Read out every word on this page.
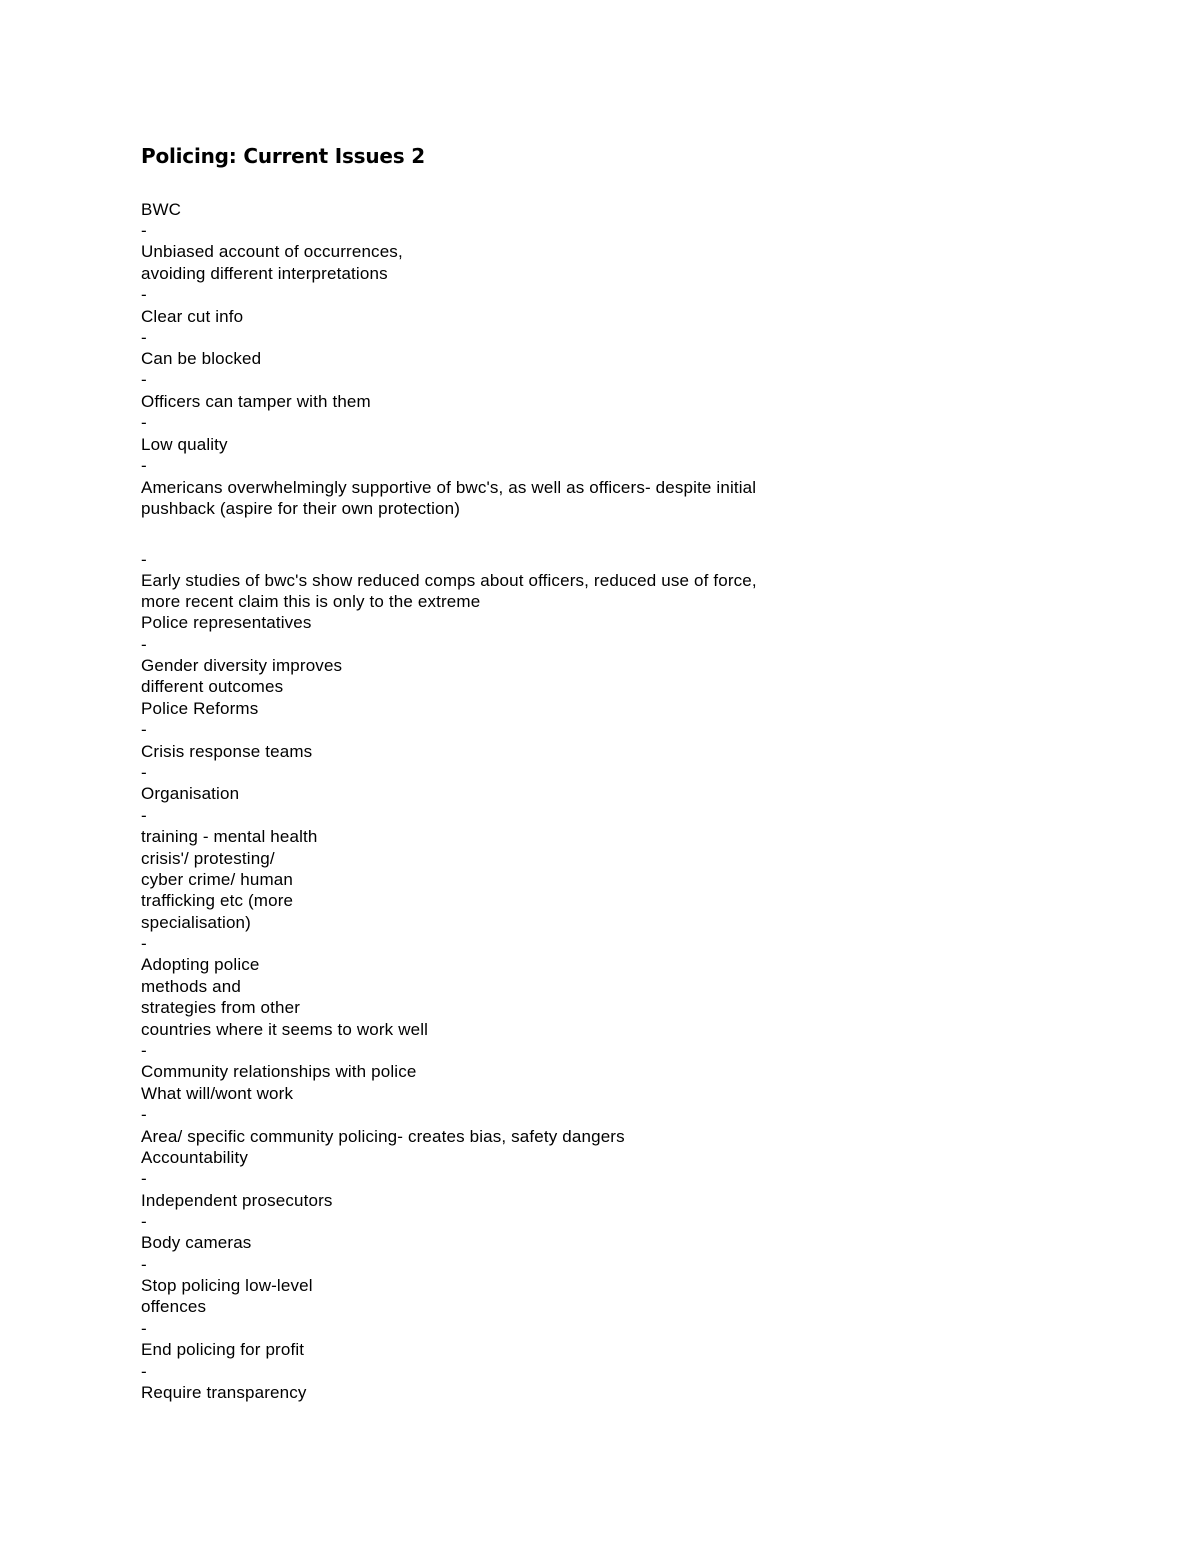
Policing: Current Issues 2
BWC
-
Unbiased account of occurrences,
avoiding different interpretations
-
Clear cut info
-
Can be blocked
-
Officers can tamper with them
-
Low quality
-
Americans overwhelmingly supportive of bwc's, as well as officers- despite initial
pushback (aspire for their own protection)
-
Early studies of bwc's show reduced comps about officers, reduced use of force,
more recent claim this is only to the extreme
Police representatives
-
Gender diversity improves
different outcomes
Police Reforms
-
Crisis response teams
-
Organisation
-
training - mental health
crisis'/ protesting/
cyber crime/ human
trafficking etc (more
specialisation)
-
Adopting police
methods and
strategies from other
countries where it seems to work well
-
Community relationships with police
What will/wont work
-
Area/ specific community policing- creates bias, safety dangers
Accountability
-
Independent prosecutors
-
Body cameras
-
Stop policing low-level
offences
-
End policing for profit
-
Require transparency
